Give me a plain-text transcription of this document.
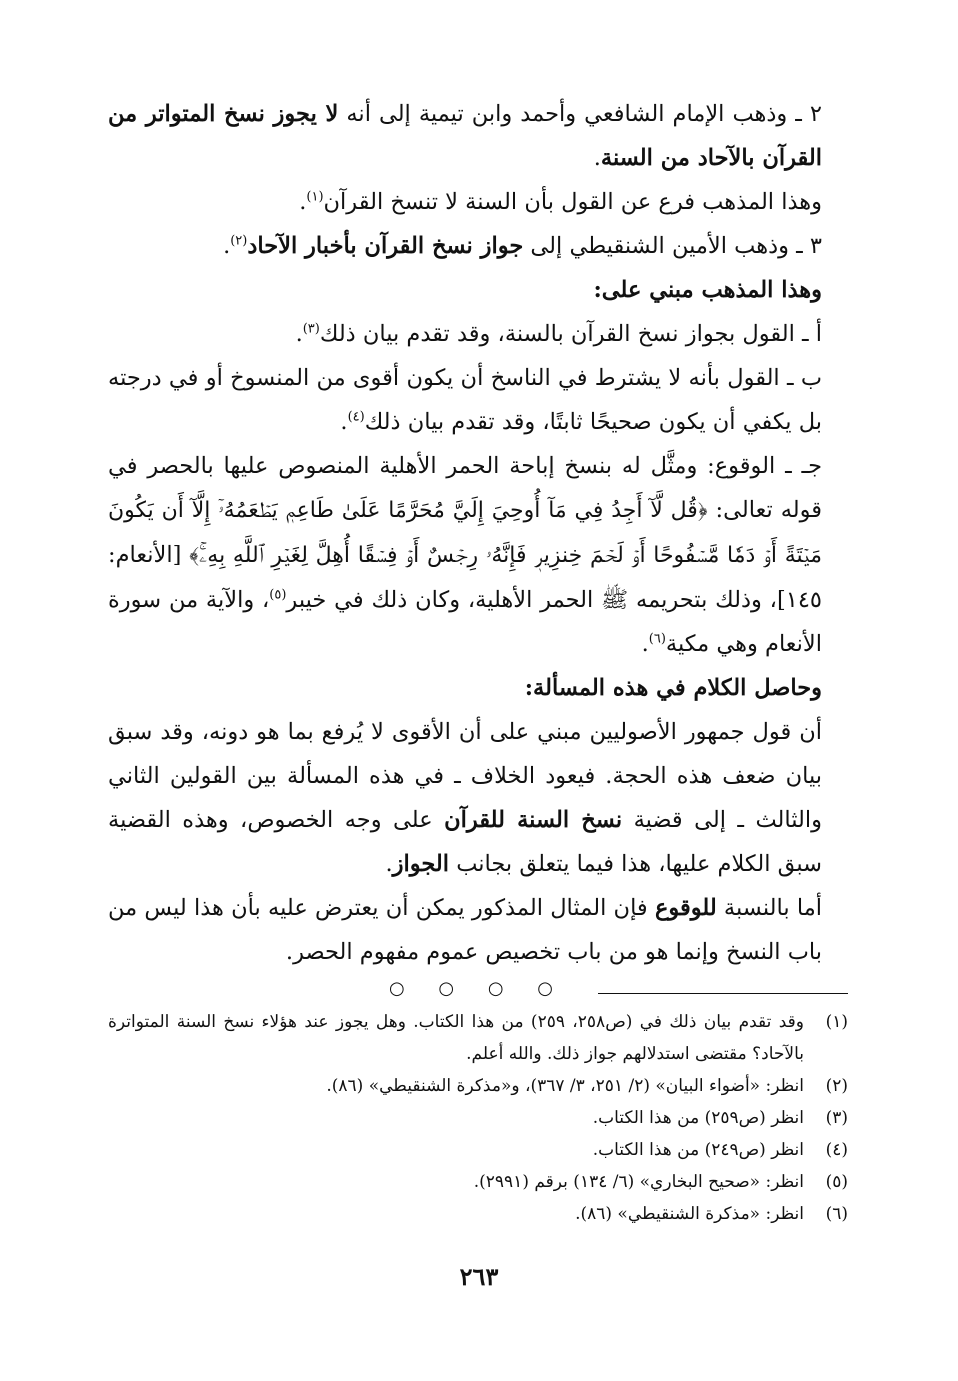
٢ ـ وذهب الإمام الشافعي وأحمد وابن تيمية إلى أنه لا يجوز نسخ المتواتر من القرآن بالآحاد من السنة.

وهذا المذهب فرع عن القول بأن السنة لا تنسخ القرآن$^{(١)}$.

٣ ـ وذهب الأمين الشنقيطي إلى جواز نسخ القرآن بأخبار الآحاد$^{(٢)}$.

وهذا المذهب مبني على:

أ ـ القول بجواز نسخ القرآن بالسنة، وقد تقدم بيان ذلك$^{(٣)}$.

ب ـ القول بأنه لا يشترط في الناسخ أن يكون أقوى من المنسوخ أو في درجته بل يكفي أن يكون صحيحًا ثابتًا، وقد تقدم بيان ذلك$^{(٤)}$.

جـ ـ الوقوع: ومثَّل له بنسخ إباحة الحمر الأهلية المنصوص عليها بالحصر في قوله تعالى: ﴿قُل لَّآ أَجِدُ فِي مَآ أُوحِيَ إِلَيَّ مُحَرَّمًا عَلَىٰ طَاعِمٖ يَطۡعَمُهُۥٓ إِلَّآ أَن يَكُونَ مَيۡتَةً أَوۡ دَمٗا مَّسۡفُوحًا أَوۡ لَحۡمَ خِنزِيرٖ فَإِنَّهُۥ رِجۡسٌ أَوۡ فِسۡقًا أُهِلَّ لِغَيۡرِ ٱللَّهِ بِهِۦۚ﴾ [الأنعام: ١٤٥]، وذلك بتحريمه ﷺ الحمر الأهلية، وكان ذلك في خيبر$^{(٥)}$، والآية من سورة الأنعام وهي مكية$^{(٦)}$.

وحاصل الكلام في هذه المسألة:

أن قول جمهور الأصوليين مبني على أن الأقوى لا يُرفع بما هو دونه، وقد سبق بيان ضعف هذه الحجة. فيعود الخلاف ـ في هذه المسألة بين القولين الثاني والثالث ـ إلى قضية نسخ السنة للقرآن على وجه الخصوص، وهذه القضية سبق الكلام عليها، هذا فيما يتعلق بجانب الجواز.

أما بالنسبة للوقوع فإن المثال المذكور يمكن أن يعترض عليه بأن هذا ليس من باب النسخ وإنما هو من باب تخصيص عموم مفهوم الحصر.

○ ○ ○ ○
(١)
وقد تقدم بيان ذلك في (ص٢٥٨، ٢٥٩) من هذا الكتاب. وهل يجوز عند هؤلاء نسخ السنة المتواترة بالآحاد؟ مقتضى استدلالهم جواز ذلك. والله أعلم.
(٢)
انظر: «أضواء البيان» (٢/ ٢٥١، ٣/ ٣٦٧)، و«مذكرة الشنقيطي» (٨٦).
(٣)
انظر (ص٢٥٩) من هذا الكتاب.
(٤)
انظر (ص٢٤٩) من هذا الكتاب.
(٥)
انظر: «صحيح البخاري» (٦/ ١٣٤) برقم (٢٩٩١).
(٦)
انظر: «مذكرة الشنقيطي» (٨٦).
٢٦٣
